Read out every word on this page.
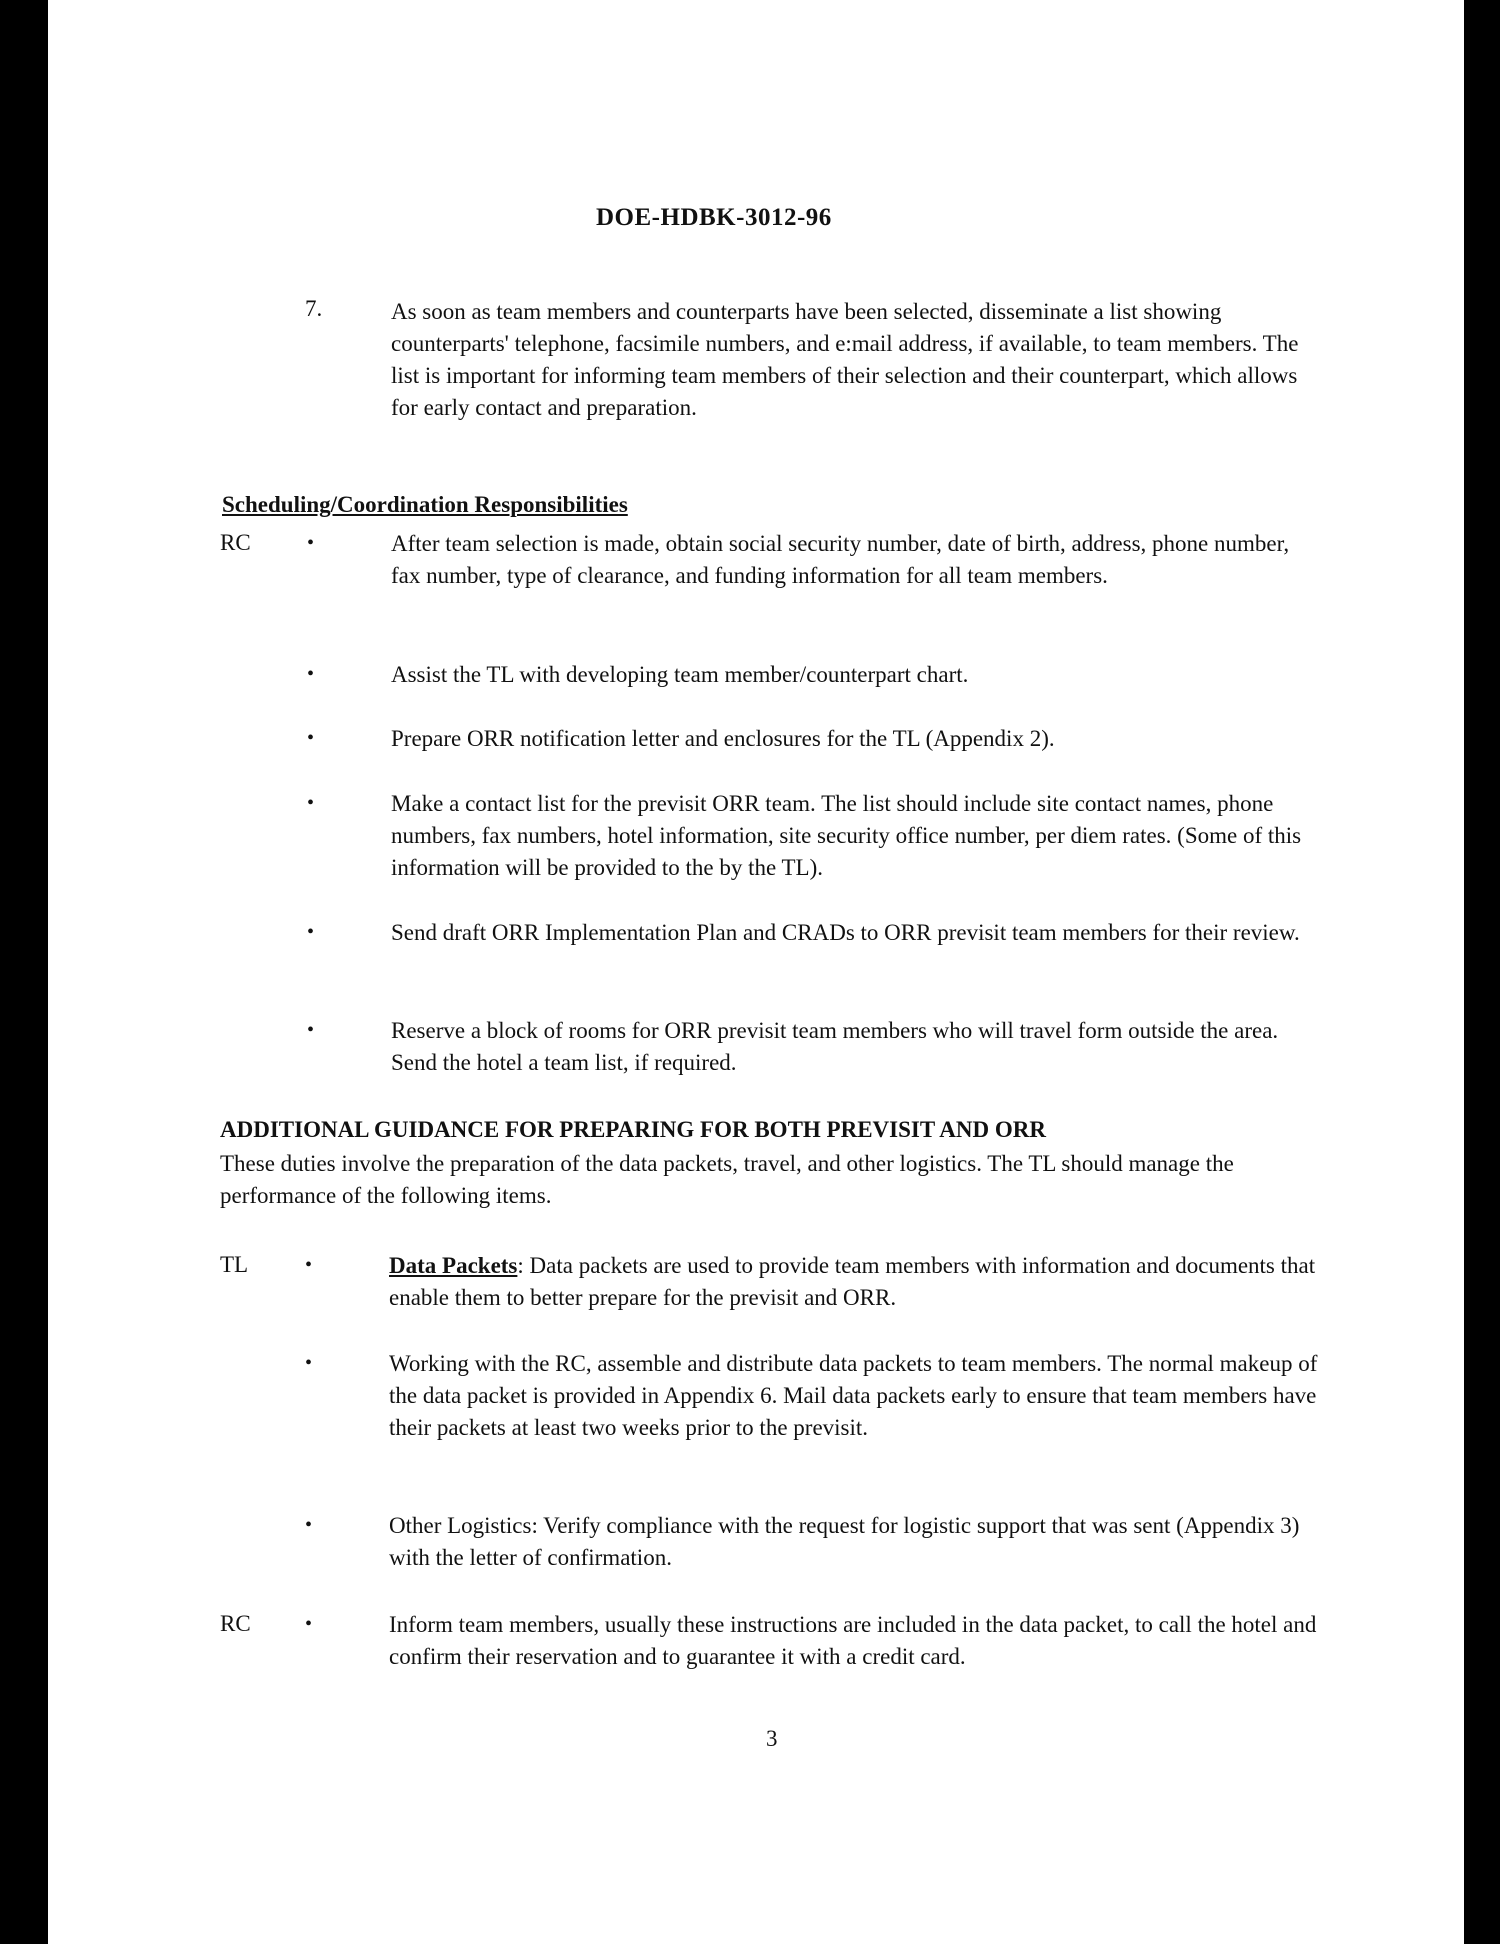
DOE-HDBK-3012-96
7.	As soon as team members and counterparts have been selected, disseminate a list showing counterparts' telephone, facsimile numbers, and e:mail address, if available, to team members. The list is important for informing team members of their selection and their counterpart, which allows for early contact and preparation.

Scheduling/Coordination Responsibilities
RC	•	After team selection is made, obtain social security number, date of birth, address, phone number, fax number, type of clearance, and funding information for all team members.

•	Assist the TL with developing team member/counterpart chart.

•	Prepare ORR notification letter and enclosures for the TL (Appendix 2).

•	Make a contact list for the previsit ORR team. The list should include site contact names, phone numbers, fax numbers, hotel information, site security office number, per diem rates. (Some of this information will be provided to the by the TL).

•	Send draft ORR Implementation Plan and CRADs to ORR previsit team members for their review.

•	Reserve a block of rooms for ORR previsit team members who will travel form outside the area. Send the hotel a team list, if required.

ADDITIONAL GUIDANCE FOR PREPARING FOR BOTH PREVISIT AND ORR

These duties involve the preparation of the data packets, travel, and other logistics. The TL should manage the performance of the following items.

TL	•	Data Packets: Data packets are used to provide team members with information and documents that enable them to better prepare for the previsit and ORR.

•	Working with the RC, assemble and distribute data packets to team members. The normal makeup of the data packet is provided in Appendix 6. Mail data packets early to ensure that team members have their packets at least two weeks prior to the previsit.

•	Other Logistics: Verify compliance with the request for logistic support that was sent (Appendix 3) with the letter of confirmation.

RC	•	Inform team members, usually these instructions are included in the data packet, to call the hotel and confirm their reservation and to guarantee it with a credit card.

3
